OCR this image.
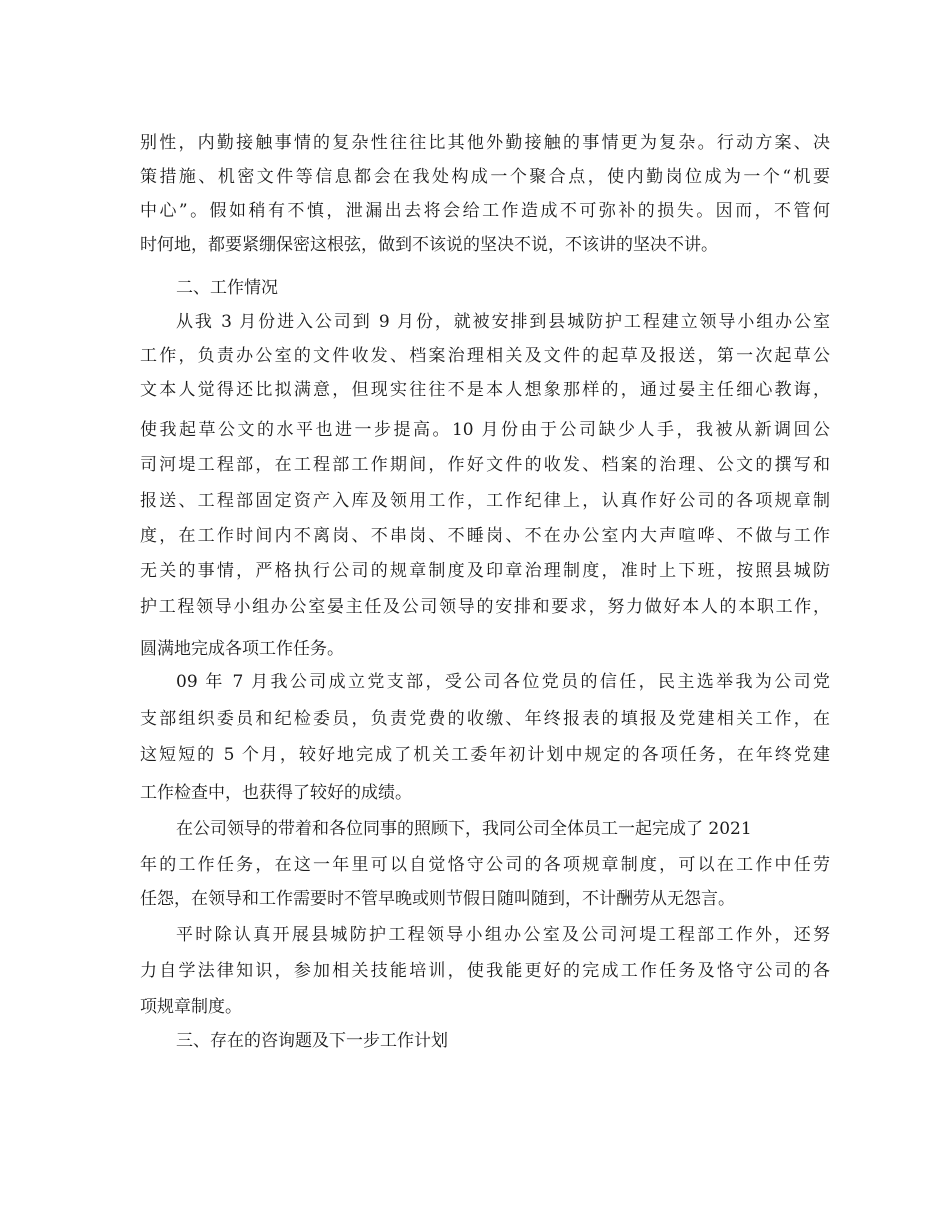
别性，内勤接触事情的复杂性往往比其他外勤接触的事情更为复杂。行动方案、决
策措施、机密文件等信息都会在我处构成一个聚合点，使内勤岗位成为一个“机要
中心”。假如稍有不慎，泄漏出去将会给工作造成不可弥补的损失。因而，不管何
时何地，都要紧绷保密这根弦，做到不该说的坚决不说，不该讲的坚决不讲。
二、工作情况
从我 3 月份进入公司到 9 月份，就被安排到县城防护工程建立领导小组办公室
工作，负责办公室的文件收发、档案治理相关及文件的起草及报送，第一次起草公
文本人觉得还比拟满意，但现实往往不是本人想象那样的，通过晏主任细心教诲，
使我起草公文的水平也进一步提高。10 月份由于公司缺少人手，我被从新调回公
司河堤工程部，在工程部工作期间，作好文件的收发、档案的治理、公文的撰写和
报送、工程部固定资产入库及领用工作，工作纪律上，认真作好公司的各项规章制
度，在工作时间内不离岗、不串岗、不睡岗、不在办公室内大声喧哗、不做与工作
无关的事情，严格执行公司的规章制度及印章治理制度，准时上下班，按照县城防
护工程领导小组办公室晏主任及公司领导的安排和要求，努力做好本人的本职工作，
圆满地完成各项工作任务。
09 年 7 月我公司成立党支部，受公司各位党员的信任，民主选举我为公司党
支部组织委员和纪检委员，负责党费的收缴、年终报表的填报及党建相关工作，在
这短短的 5 个月，较好地完成了机关工委年初计划中规定的各项任务，在年终党建
工作检查中，也获得了较好的成绩。
在公司领导的带着和各位同事的照顾下，我同公司全体员工一起完成了 2021
年的工作任务，在这一年里可以自觉恪守公司的各项规章制度，可以在工作中任劳
任怨，在领导和工作需要时不管早晚或则节假日随叫随到，不计酬劳从无怨言。
平时除认真开展县城防护工程领导小组办公室及公司河堤工程部工作外，还努
力自学法律知识，参加相关技能培训，使我能更好的完成工作任务及恪守公司的各
项规章制度。
三、存在的咨询题及下一步工作计划
